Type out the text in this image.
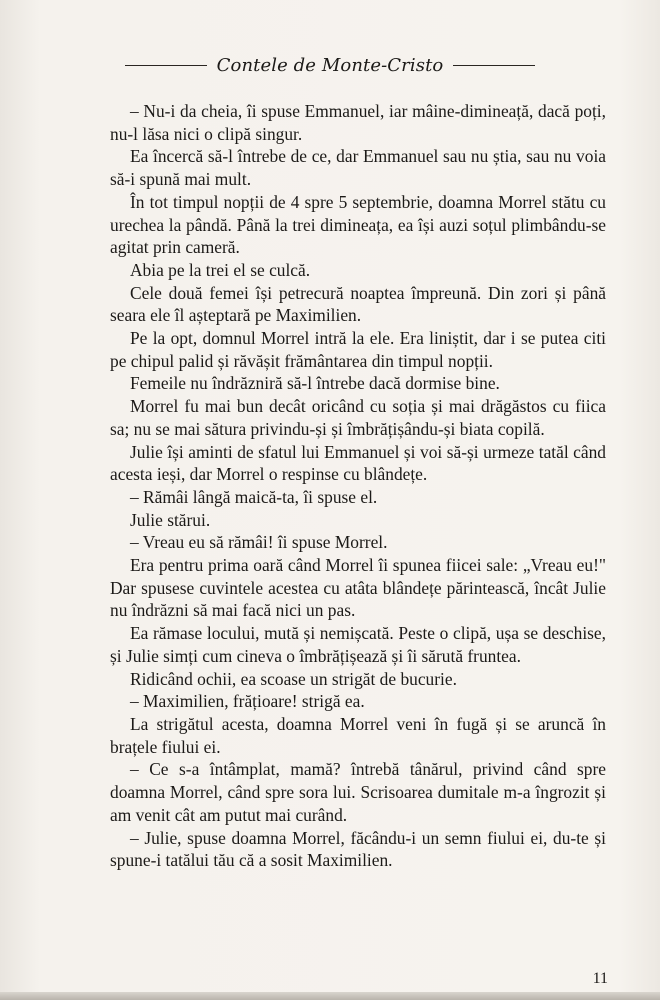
Contele de Monte-Cristo

– Nu-i da cheia, îi spuse Emmanuel, iar mâine-dimineață, dacă poți, nu-l lăsa nici o clipă singur.

Ea încercă să-l întrebe de ce, dar Emmanuel sau nu știa, sau nu voia să-i spună mai mult.

În tot timpul nopții de 4 spre 5 septembrie, doamna Morrel stătu cu urechea la pândă. Până la trei dimineața, ea își auzi soțul plimbându-se agitat prin cameră.

Abia pe la trei el se culcă.

Cele două femei își petrecură noaptea împreună. Din zori și până seara ele îl așteptară pe Maximilien.

Pe la opt, domnul Morrel intră la ele. Era liniștit, dar i se putea citi pe chipul palid și răvășit frământarea din timpul nopții.

Femeile nu îndrăzniră să-l întrebe dacă dormise bine.

Morrel fu mai bun decât oricând cu soția și mai drăgăstos cu fiica sa; nu se mai sătura privindu-și și îmbrățișându-și biata copilă.

Julie își aminti de sfatul lui Emmanuel și voi să-și urmeze tatăl când acesta ieși, dar Morrel o respinse cu blândețe.

– Rămâi lângă maică-ta, îi spuse el.

Julie stărui.

– Vreau eu să rămâi! îi spuse Morrel.

Era pentru prima oară când Morrel îi spunea fiicei sale: „Vreau eu!" Dar spusese cuvintele acestea cu atâta blândețe părintească, încât Julie nu îndrăzni să mai facă nici un pas.

Ea rămase locului, mută și nemișcată. Peste o clipă, ușa se deschise, și Julie simți cum cineva o îmbrățișează și îi sărută fruntea.

Ridicând ochii, ea scoase un strigăt de bucurie.

– Maximilien, frățioare! strigă ea.

La strigătul acesta, doamna Morrel veni în fugă și se aruncă în brațele fiului ei.

– Ce s-a întâmplat, mamă? întrebă tânărul, privind când spre doamna Morrel, când spre sora lui. Scrisoarea dumitale m-a îngrozit și am venit cât am putut mai curând.

– Julie, spuse doamna Morrel, făcându-i un semn fiului ei, du-te și spune-i tatălui tău că a sosit Maximilien.

11
